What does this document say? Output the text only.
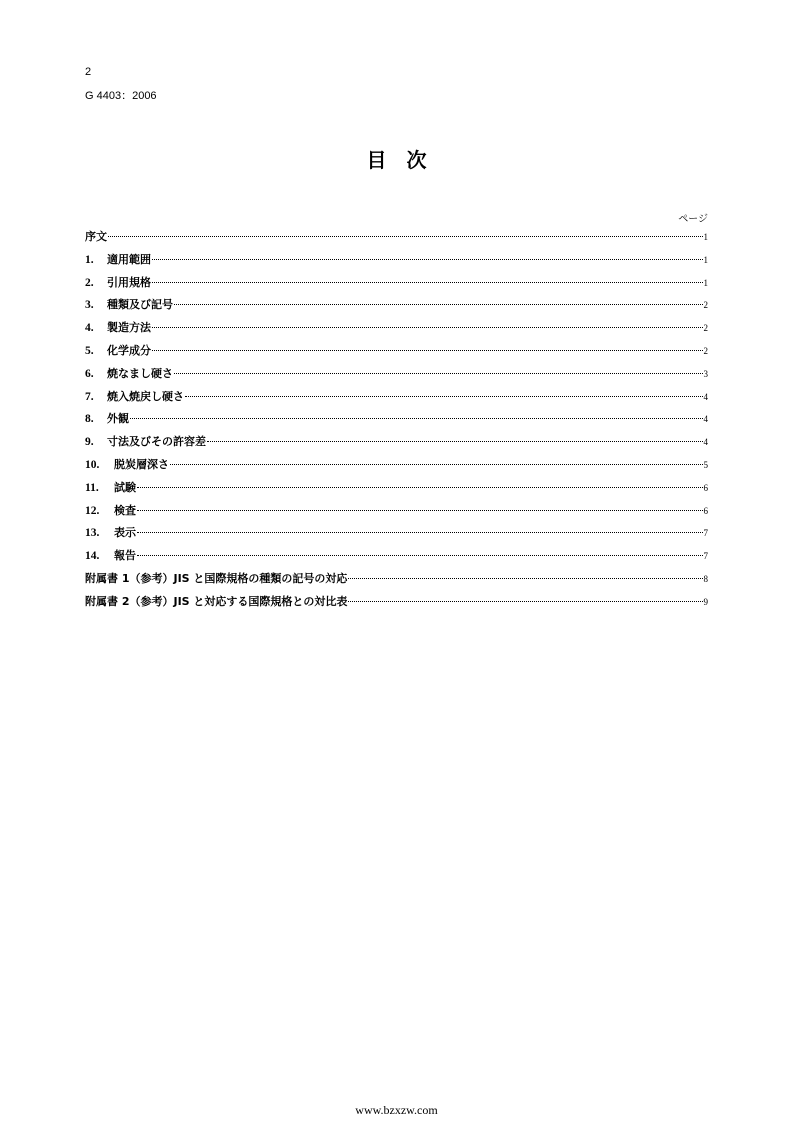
2
G 4403：2006
目　次
ページ
序文	1
1.	適用範囲	1
2.	引用規格	1
3.	種類及び記号	2
4.	製造方法	2
5.	化学成分	2
6.	焼なまし硬さ	3
7.	焼入焼戻し硬さ	4
8.	外観	4
9.	寸法及びその許容差	4
10.	脱炭層深さ	5
11.	試験	6
12.	検査	6
13.	表示	7
14.	報告	7
附属書 1（参考）JIS と国際規格の種類の記号の対応	8
附属書 2（参考）JIS と対応する国際規格との対比表	9
www.bzxzw.com
